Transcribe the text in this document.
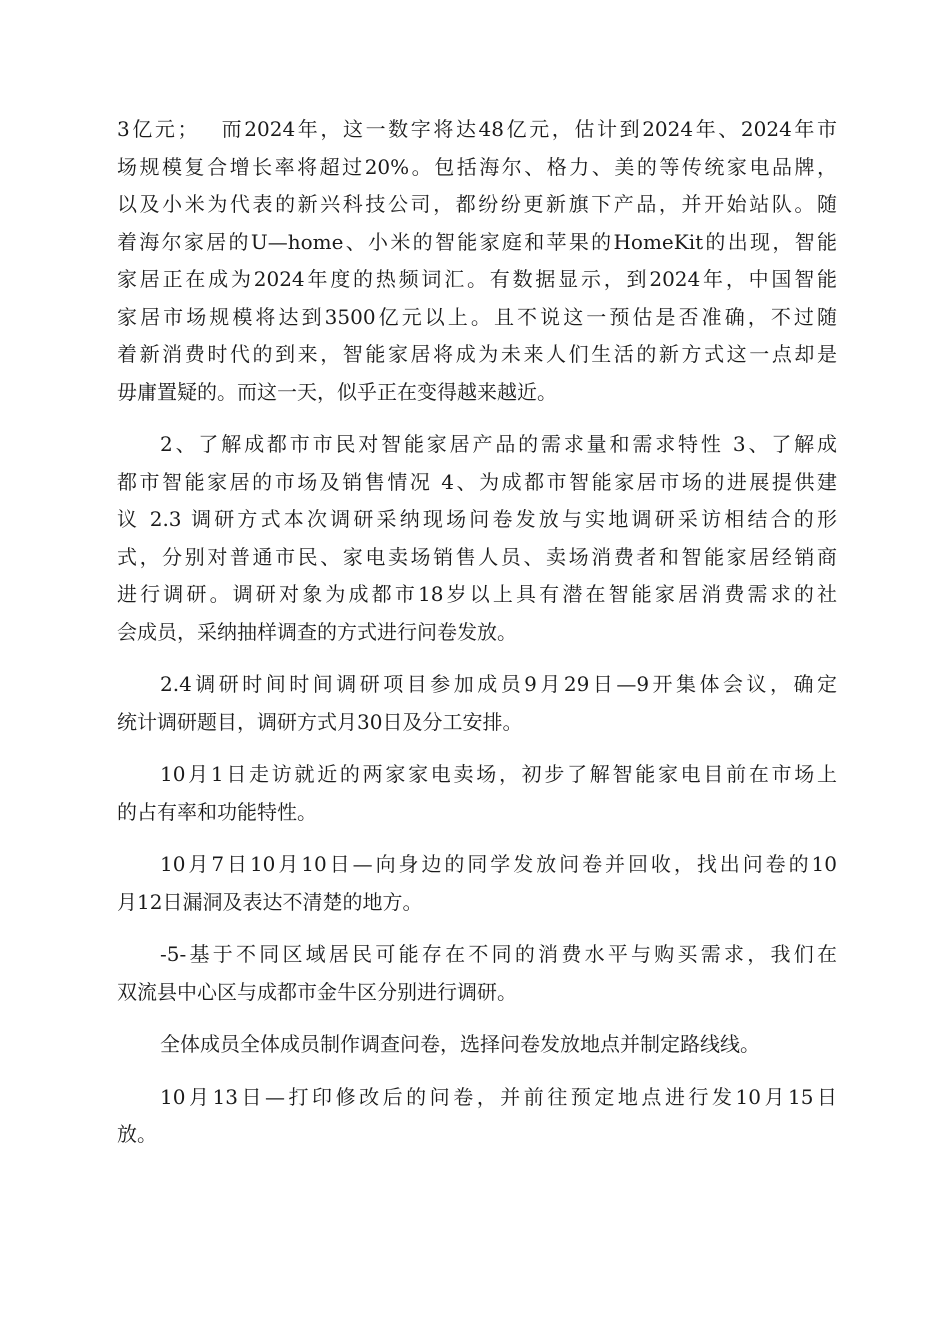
3亿元；　 而2024年，这一数字将达48亿元，估计到2024年、2024年市
场规模复合增长率将超过20%。包括海尔、格力、美的等传统家电品牌，
以及小米为代表的新兴科技公司，都纷纷更新旗下产品，并开始站队。随
着海尔家居的U—home、小米的智能家庭和苹果的HomeKit的出现，智能
家居正在成为2024年度的热频词汇。有数据显示，到2024年，中国智能
家居市场规模将达到3500亿元以上。且不说这一预估是否准确，不过随
着新消费时代的到来，智能家居将成为未来人们生活的新方式这一点却是
毋庸置疑的。而这一天，似乎正在变得越来越近。
2、了解成都市市民对智能家居产品的需求量和需求特性 3、了解成
都市智能家居的市场及销售情况 4、为成都市智能家居市场的进展提供建
议 2.3 调研方式本次调研采纳现场问卷发放与实地调研采访相结合的形
式，分别对普通市民、家电卖场销售人员、卖场消费者和智能家居经销商
进行调研。调研对象为成都市18岁以上具有潜在智能家居消费需求的社
会成员，采纳抽样调查的方式进行问卷发放。
2.4调研时间时间调研项目参加成员9月29日—9开集体会议，确定
统计调研题目，调研方式月30日及分工安排。
10月1日走访就近的两家家电卖场，初步了解智能家电目前在市场上
的占有率和功能特性。
10月7日10月10日—向身边的同学发放问卷并回收，找出问卷的10
月12日漏洞及表达不清楚的地方。
-5-基于不同区域居民可能存在不同的消费水平与购买需求，我们在
双流县中心区与成都市金牛区分别进行调研。
全体成员全体成员制作调查问卷，选择问卷发放地点并制定路线线。
10月13日—打印修改后的问卷，并前往预定地点进行发10月15日
放。
